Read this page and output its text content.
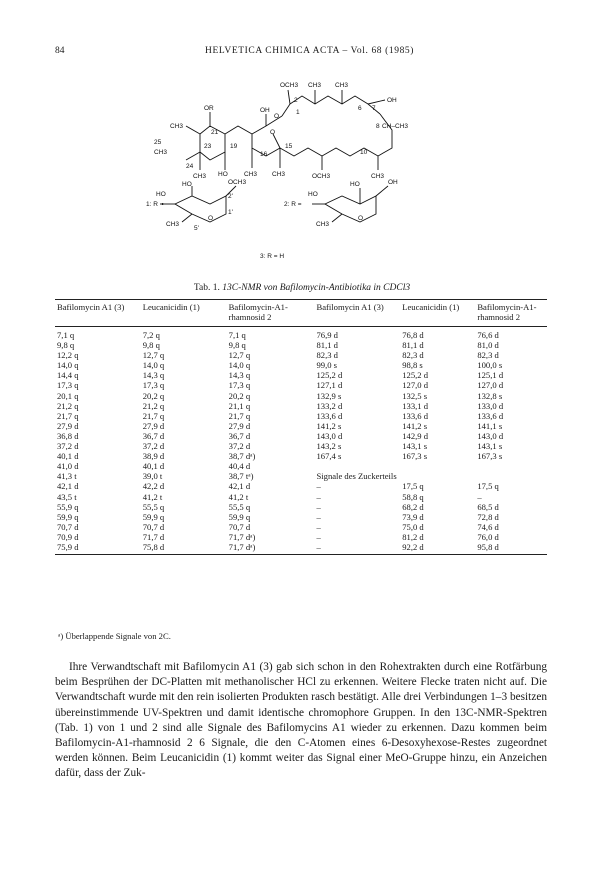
84	HELVETICA CHIMICA ACTA – Vol. 68 (1985)
OCH3 CH3 CH3
OH
OR
O
CH3
OH
O
CH–CH3
25
CH3
CH3 HO	CH3 CH3	OCH3	CH3
2
1
7
8
6
21
23	19
16
15
10
24
1: R =
HO
HO
OCH3
CH3
O
5'
2'
1'
2: R =
HO
HO
OH
CH3
O
3: R = H
Tab. 1. 13C-NMR von Bafilomycin-Antibiotika in CDCl3
Bafilomycin A1 (3)	Leucanicidin (1)	Bafilomycin-A1-rhamnosid 2	Bafilomycin A1 (3)	Leucanicidin (1)	Bafilomycin-A1-rhamnosid 2
7,1 q	7,2 q	7,1 q	76,9 d	76,8 d	76,6 d
9,8 q	9,8 q	9,8 q	81,1 d	81,1 d	81,0 d
12,2 q	12,7 q	12,7 q	82,3 d	82,3 d	82,3 d
14,0 q	14,0 q	14,0 q	99,0 s	98,8 s	100,0 s
14,4 q	14,3 q	14,3 q	125,2 d	125,2 d	125,1 d
17,3 q	17,3 q	17,3 q	127,1 d	127,0 d	127,0 d
20,1 q	20,2 q	20,2 q	132,9 s	132,5 s	132,8 s
21,2 q	21,2 q	21,1 q	133,2 d	133,1 d	133,0 d
21,7 q	21,7 q	21,7 q	133,6 d	133,6 d	133,6 d
27,9 d	27,9 d	27,9 d	141,2 s	141,2 s	141,1 s
36,8 d	36,7 d	36,7 d	143,0 d	142,9 d	143,0 d
37,2 d	37,2 d	37,2 d	143,2 s	143,1 s	143,1 s
40,1 d	38,9 d	38,7 dᵃ)	167,4 s	167,3 s	167,3 s
41,0 d	40,1 d	40,4 d			
41,3 t	39,0 t	38,7 tᵃ)	Signale des Zuckerteils		
42,1 d	42,2 d	42,1 d	–	17,5 q	17,5 q
43,5 t	41,2 t	41,2 t	–	58,8 q	–
55,9 q	55,5 q	55,5 q	–	68,2 d	68,5 d
59,9 q	59,9 q	59,9 q	–	73,9 d	72,8 d
70,7 d	70,7 d	70,7 d	–	75,0 d	74,6 d
70,9 d	71,7 d	71,7 dᵃ)	–	81,2 d	76,0 d
75,9 d	75,8 d	71,7 dᵃ)	–	92,2 d	95,8 d
ᵃ) Überlappende Signale von 2C.

Ihre Verwandtschaft mit Bafilomycin A1 (3) gab sich schon in den Rohextrakten durch eine Rotfärbung beim Besprühen der DC-Platten mit methanolischer HCl zu erkennen. Weitere Flecke traten nicht auf. Die Verwandtschaft wurde mit den rein isolierten Produkten rasch bestätigt. Alle drei Verbindungen 1–3 besitzen übereinstimmende UV-Spektren und damit identische chromophore Gruppen. In den 13C-NMR-Spektren (Tab. 1) von 1 und 2 sind alle Signale des Bafilomycins A1 wieder zu erkennen. Dazu kommen beim Bafilomycin-A1-rhamnosid 2 6 Signale, die den C-Atomen eines 6-Desoxyhexose-Restes zugeordnet werden können. Beim Leucanicidin (1) kommt weiter das Signal einer MeO-Gruppe hinzu, ein Anzeichen dafür, dass der Zuk-
